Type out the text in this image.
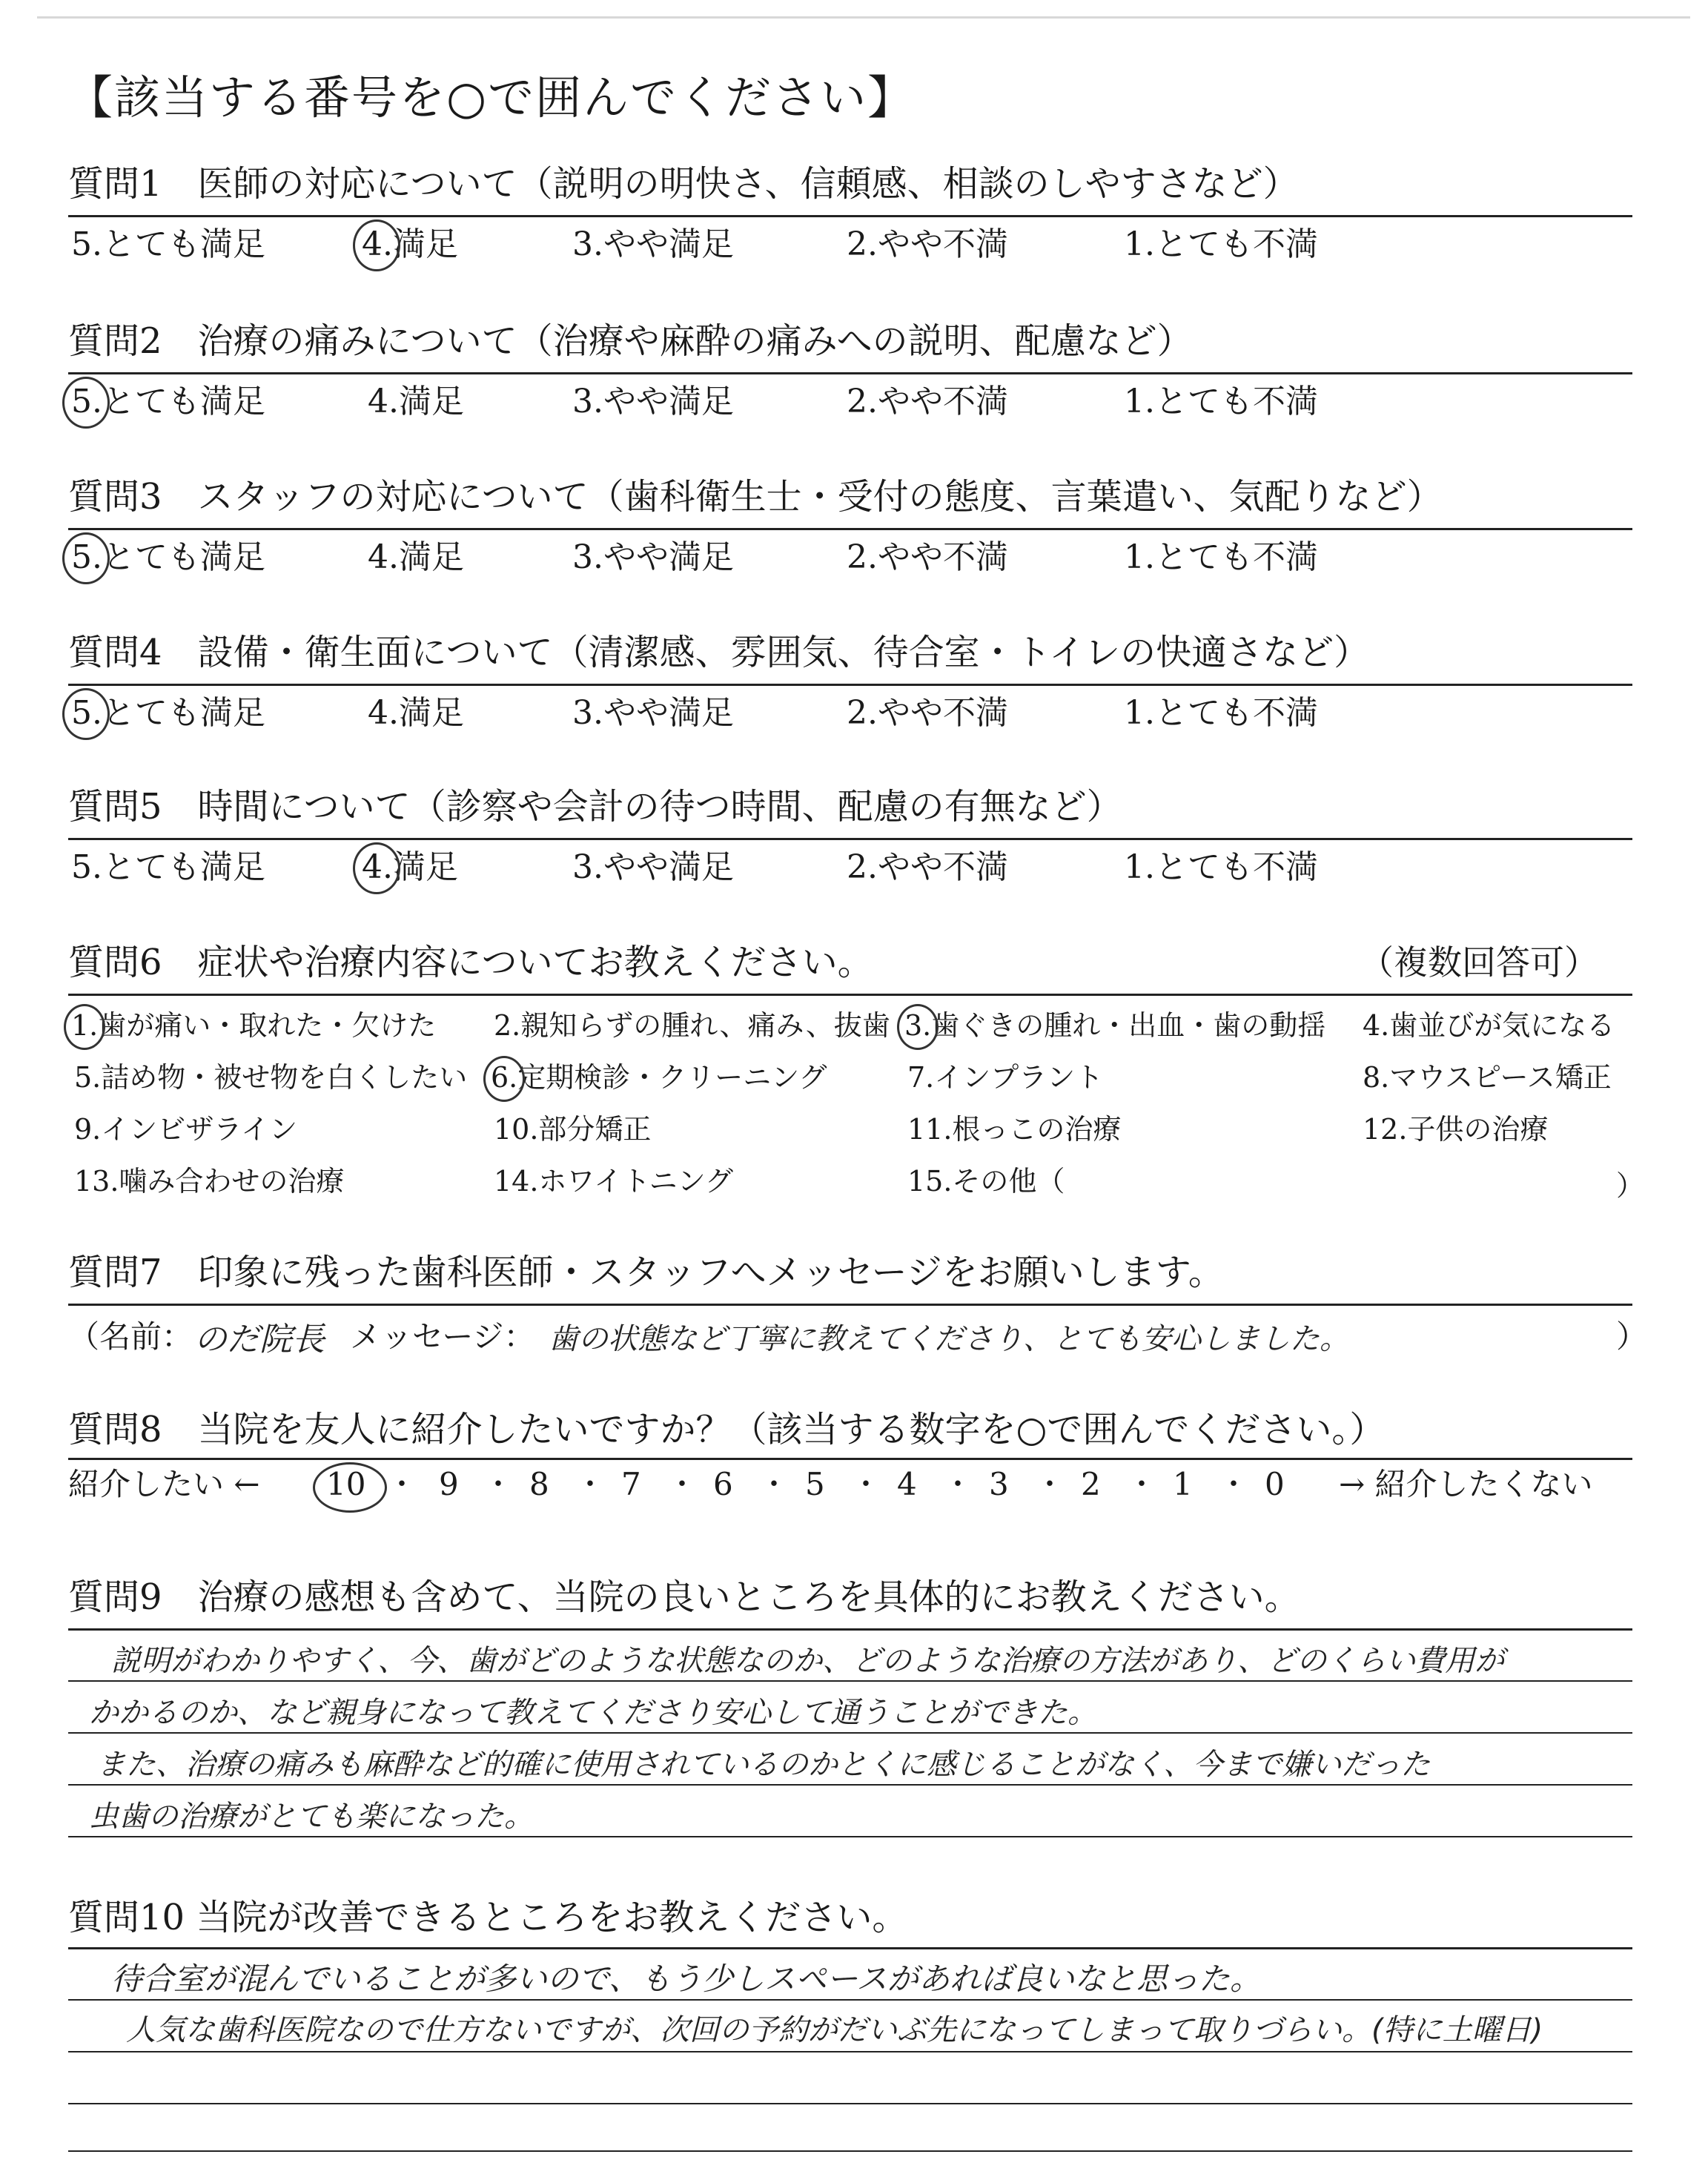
【該当する番号を○で囲んでください】
質問1　医師の対応について（説明の明快さ、信頼感、相談のしやすさなど）
5.とても満足	4.満足	3.やや満足	2.やや不満	1.とても不満
質問2　治療の痛みについて（治療や麻酔の痛みへの説明、配慮など）
5.とても満足	4.満足	3.やや満足	2.やや不満	1.とても不満
質問3　スタッフの対応について（歯科衛生士・受付の態度、言葉遣い、気配りなど）
5.とても満足	4.満足	3.やや満足	2.やや不満	1.とても不満
質問4　設備・衛生面について（清潔感、雰囲気、待合室・トイレの快適さなど）
5.とても満足	4.満足	3.やや満足	2.やや不満	1.とても不満
質問5　時間について（診察や会計の待つ時間、配慮の有無など）
5.とても満足	4.満足	3.やや満足	2.やや不満	1.とても不満
質問6　症状や治療内容についてお教えください。	（複数回答可）
1.歯が痛い・取れた・欠けた 2.親知らずの腫れ、痛み、抜歯 3.歯ぐきの腫れ・出血・歯の動揺 4.歯並びが気になる
5.詰め物・被せ物を白くしたい 6.定期検診・クリーニング	7.インプラント	8.マウスピース矯正
9.インビザライン	10.部分矯正	11.根っこの治療	12.子供の治療
13.噛み合わせの治療	14.ホワイトニング	15.その他（	）
質問7　印象に残った歯科医師・スタッフへメッセージをお願いします。
（名前： のだ院長 メッセージ： 歯の状態など丁寧に教えてくださり、とても安心しました。	）
質問8　当院を友人に紹介したいですか？（該当する数字を○で囲んでください。）
紹介したい ← 10 ・ 9 ・ 8 ・ 7 ・ 6 ・ 5 ・ 4 ・ 3 ・ 2 ・ 1 ・ 0 → 紹介したくない
質問9　治療の感想も含めて、当院の良いところを具体的にお教えください。
説明がわかりやすく、今、歯がどのような状態なのか、どのような治療の方法があり、どのくらい費用が
かかるのか、など親身になって教えてくださり安心して通うことができた。
また、治療の痛みも麻酔など的確に使用されているのかとくに感じることがなく、今まで嫌いだった
虫歯の治療がとても楽になった。
質問10 当院が改善できるところをお教えください。
待合室が混んでいることが多いので、もう少しスペースがあれば良いなと思った。
人気な歯科医院なので仕方ないですが、次回の予約がだいぶ先になってしまって取りづらい。(特に土曜日)
